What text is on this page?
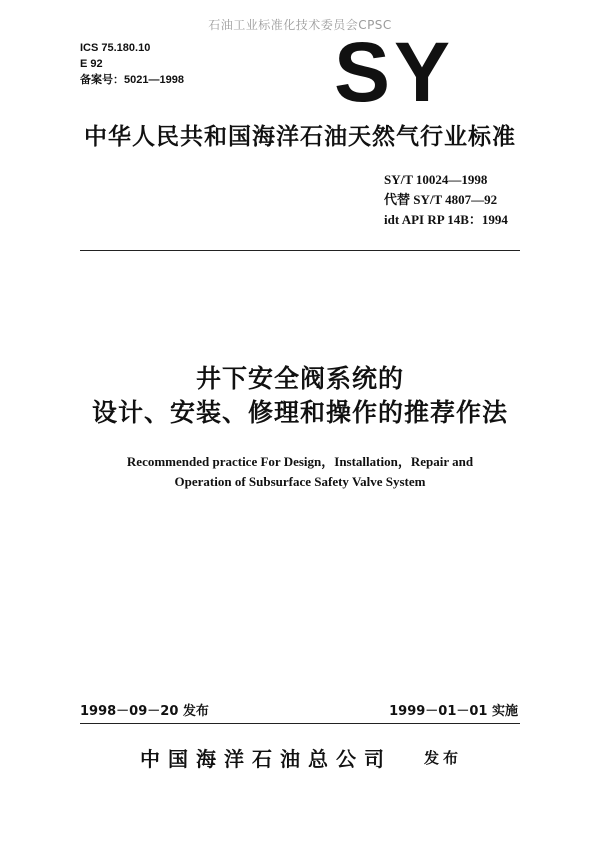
石油工业标准化技术委员会CPSC
ICS 75.180.10
E 92
备案号：5021—1998 SY
中华人民共和国海洋石油天然气行业标准
SY/T 10024—1998
代替 SY/T 4807—92
idt API RP 14B：1994
井下安全阀系统的
设计、安装、修理和操作的推荐作法
Recommended practice For Design，Installation，Repair and
Operation of Subsurface Safety Valve System
1998－09－20 发布	1999－01－01 实施
中国海洋石油总公司 发布
